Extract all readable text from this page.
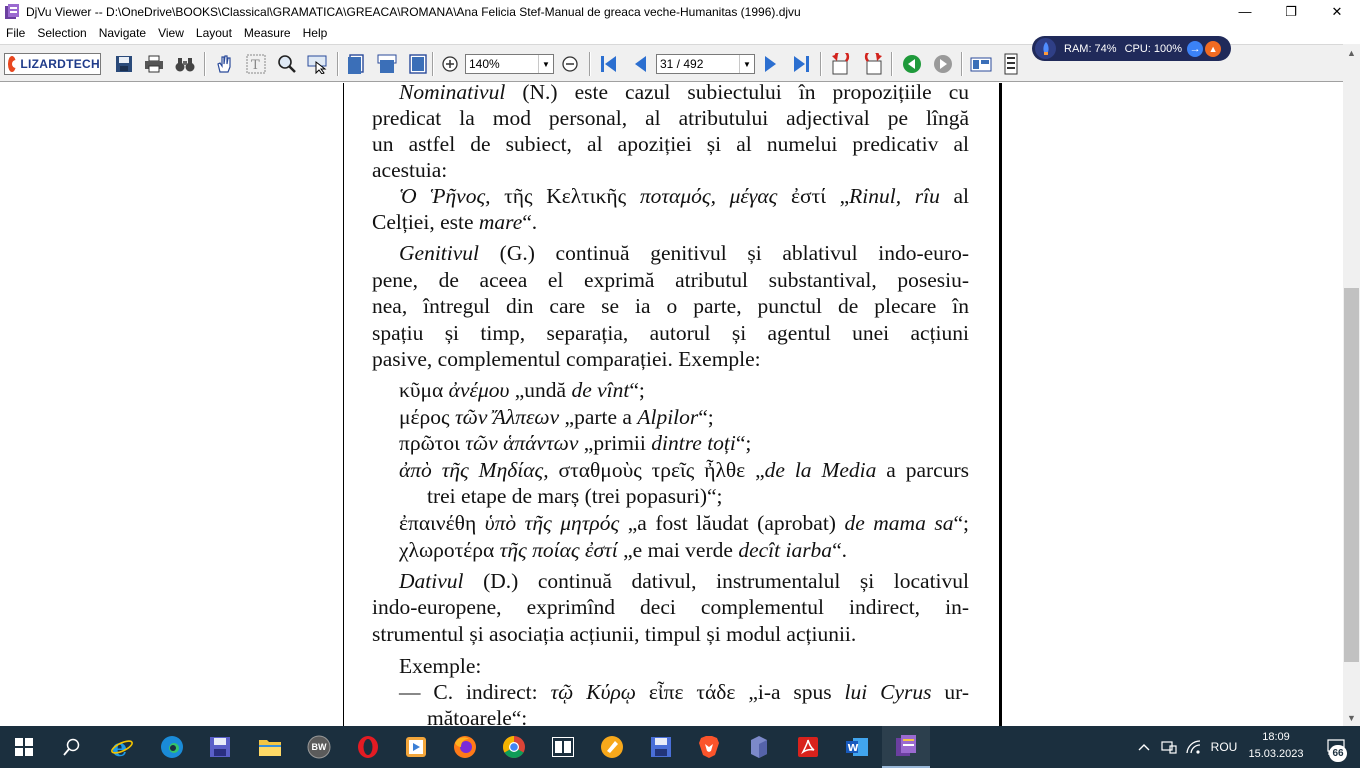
DjVu Viewer -- D:\OneDrive\BOOKS\Classical\GRAMATICA\GREACA\ROMANA\Ana Felicia Stef-Manual de greaca veche-Humanitas (1996).djvu	—	❐	✕
File	Selection	Navigate	View	Layout	Measure	Help
LIZARDTECH	T	140%	▼	31 / 492	▼
RAM: 74% CPU: 100% → ▲
Nominativul (N.) este cazul subiectului în propozițiile cu
predicat la mod personal, al atributului adjectival pe lîngă
un astfel de subiect, al apoziției și al numelui predicativ al
acestuia:
Ὁ Ῥῆνος, τῆς Κελτικῆς ποταμός, μέγας ἐστί „Rinul, rîu al
Celției, este mare“.
Genitivul (G.) continuă genitivul și ablativul indo-euro-
pene, de aceea el exprimă atributul substantival, posesiu-
nea, întregul din care se ia o parte, punctul de plecare în
spațiu și timp, separația, autorul și agentul unei acțiuni
pasive, complementul comparației. Exemple:
κῦμα ἀνέμου „undă de vînt“;
μέρος τῶν Ἄλπεων „parte a Alpilor“;
πρῶτοι τῶν ἁπάντων „primii dintre toți“;
ἀπὸ τῆς Μηδίας, σταθμοὺς τρεῖς ἦλθε „de la Media a parcurs
trei etape de marș (trei popasuri)“;
ἐπαινέθη ὑπὸ τῆς μητρός „a fost lăudat (aprobat) de mama sa“;
χλωροτέρα τῆς ποίας ἐστί „e mai verde decît iarba“.
Dativul (D.) continuă dativul, instrumentalul și locativul
indo-europene, exprimînd deci complementul indirect, in-
strumentul și asociația acțiunii, timpul și modul acțiunii.
Exemple:
— C. indirect: τῷ Κύρῳ εἶπε τάδε „i-a spus lui Cyrus ur-
mătoarele“:
▲
▼
e	BW	W	ROU
18:09
15.03.2023	66
